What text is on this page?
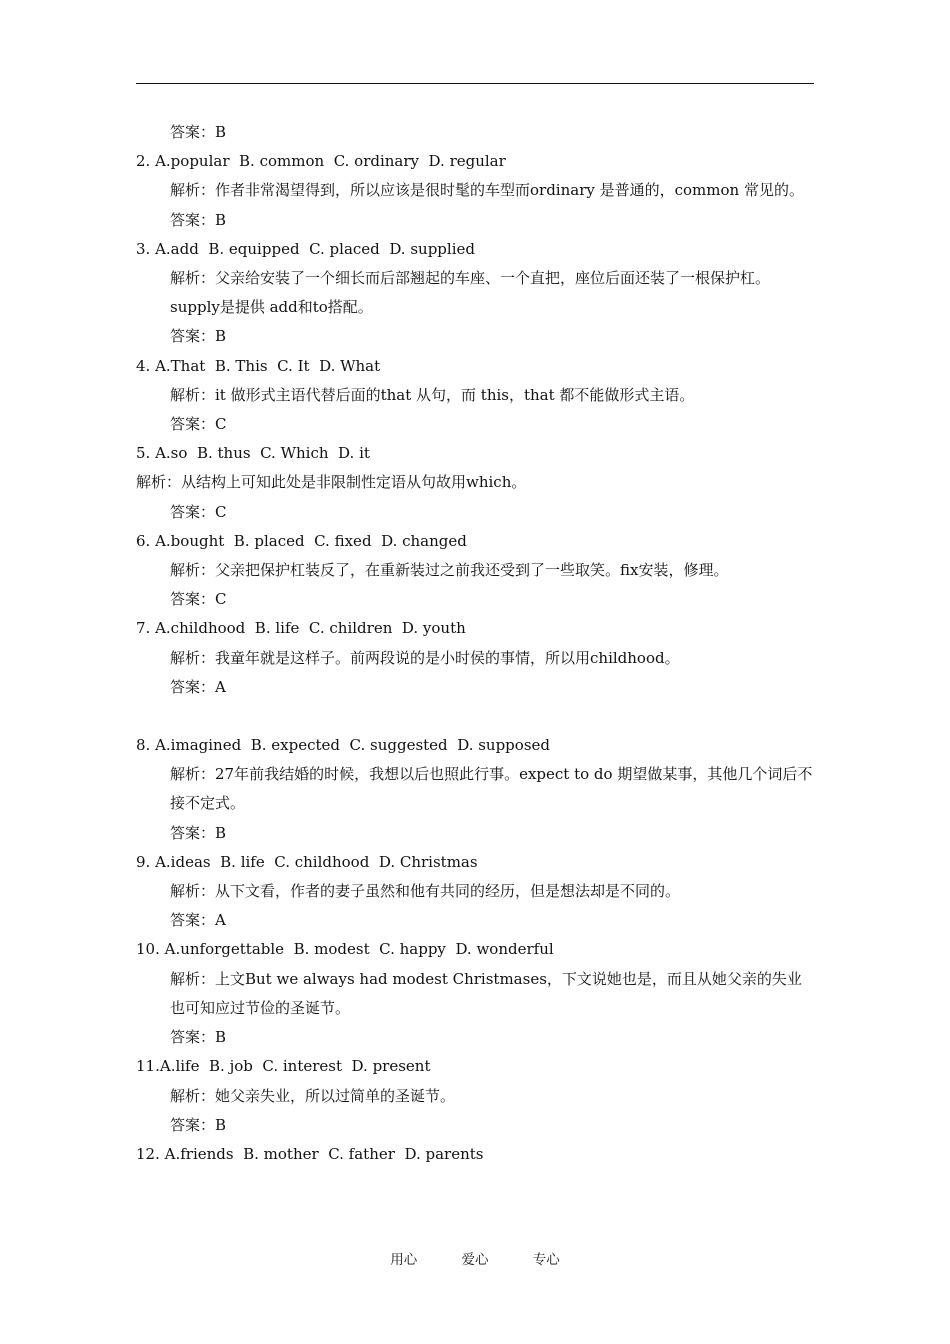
答案：B
2. A.popular  B. common  C. ordinary  D. regular
解析：作者非常渴望得到，所以应该是很时髦的车型而ordinary 是普通的，common 常见的。
答案：B
3. A.add  B. equipped  C. placed  D. supplied
解析：父亲给安装了一个细长而后部翘起的车座、一个直把，座位后面还装了一根保护杠。supply是提供 add和to搭配。
答案：B
4. A.That  B. This  C. It  D. What
解析：it 做形式主语代替后面的that 从句，而 this，that 都不能做形式主语。
答案：C
5. A.so  B. thus  C. Which  D. it
解析：从结构上可知此处是非限制性定语从句故用which。
答案：C
6. A.bought  B. placed  C. fixed  D. changed
解析：父亲把保护杠装反了，在重新装过之前我还受到了一些取笑。fix安装，修理。
答案：C
7. A.childhood  B. life  C. children  D. youth
解析：我童年就是这样子。前两段说的是小时侯的事情，所以用childhood。
答案：A
8. A.imagined  B. expected  C. suggested  D. supposed
解析：27年前我结婚的时候，我想以后也照此行事。expect to do 期望做某事，其他几个词后不接不定式。
答案：B
9. A.ideas  B. life  C. childhood  D. Christmas
解析：从下文看，作者的妻子虽然和他有共同的经历，但是想法却是不同的。
答案：A
10. A.unforgettable  B. modest  C. happy  D. wonderful
解析：上文But we always had modest Christmases，下文说她也是，而且从她父亲的失业也可知应过节俭的圣诞节。
答案：B
11.A.life  B. job  C. interest  D. present
解析：她父亲失业，所以过简单的圣诞节。
答案：B
12. A.friends  B. mother  C. father  D. parents
用心	爱心	专心
